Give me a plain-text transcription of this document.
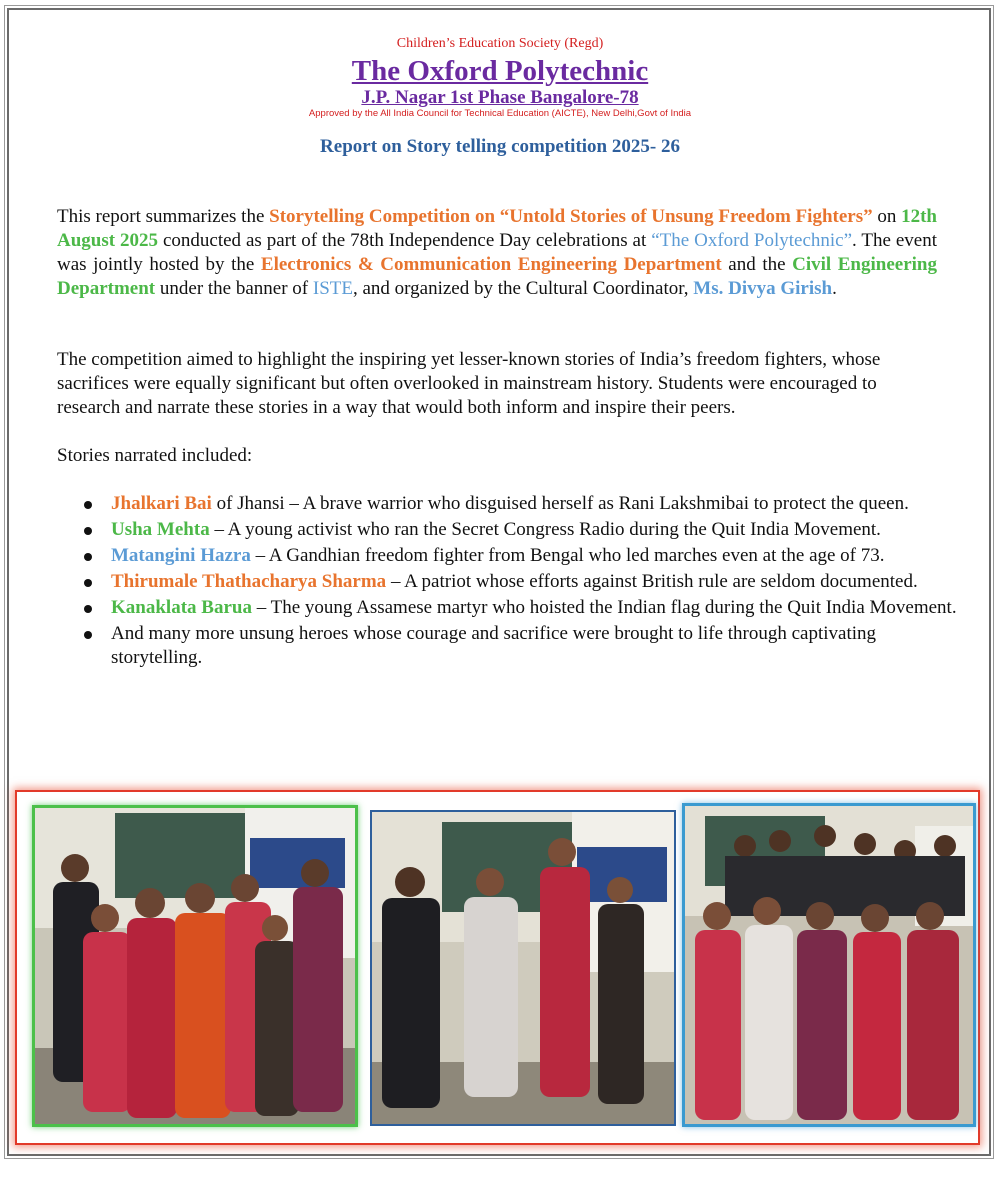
Children’s Education Society (Regd)
The Oxford Polytechnic
J.P. Nagar 1st Phase Bangalore-78
Approved by the All India Council for Technical Education (AICTE), New Delhi,Govt of India
Report on Story telling competition 2025- 26

This report summarizes the Storytelling Competition on “Untold Stories of Unsung Freedom Fighters” on 12th August 2025 conducted as part of the 78th Independence Day celebrations at “The Oxford Polytechnic”. The event was jointly hosted by the Electronics & Communication Engineering Department and the Civil Engineering Department under the banner of ISTE, and organized by the Cultural Coordinator, Ms. Divya Girish.

The competition aimed to highlight the inspiring yet lesser-known stories of India’s freedom fighters, whose sacrifices were equally significant but often overlooked in mainstream history. Students were encouraged to research and narrate these stories in a way that would both inform and inspire their peers.

Stories narrated included:

Jhalkari Bai of Jhansi – A brave warrior who disguised herself as Rani Lakshmibai to protect the queen.
Usha Mehta – A young activist who ran the Secret Congress Radio during the Quit India Movement.
Matangini Hazra – A Gandhian freedom fighter from Bengal who led marches even at the age of 73.
Thirumale Thathacharya Sharma – A patriot whose efforts against British rule are seldom documented.
Kanaklata Barua – The young Assamese martyr who hoisted the Indian flag during the Quit India Movement.
And many more unsung heroes whose courage and sacrifice were brought to life through captivating storytelling.
